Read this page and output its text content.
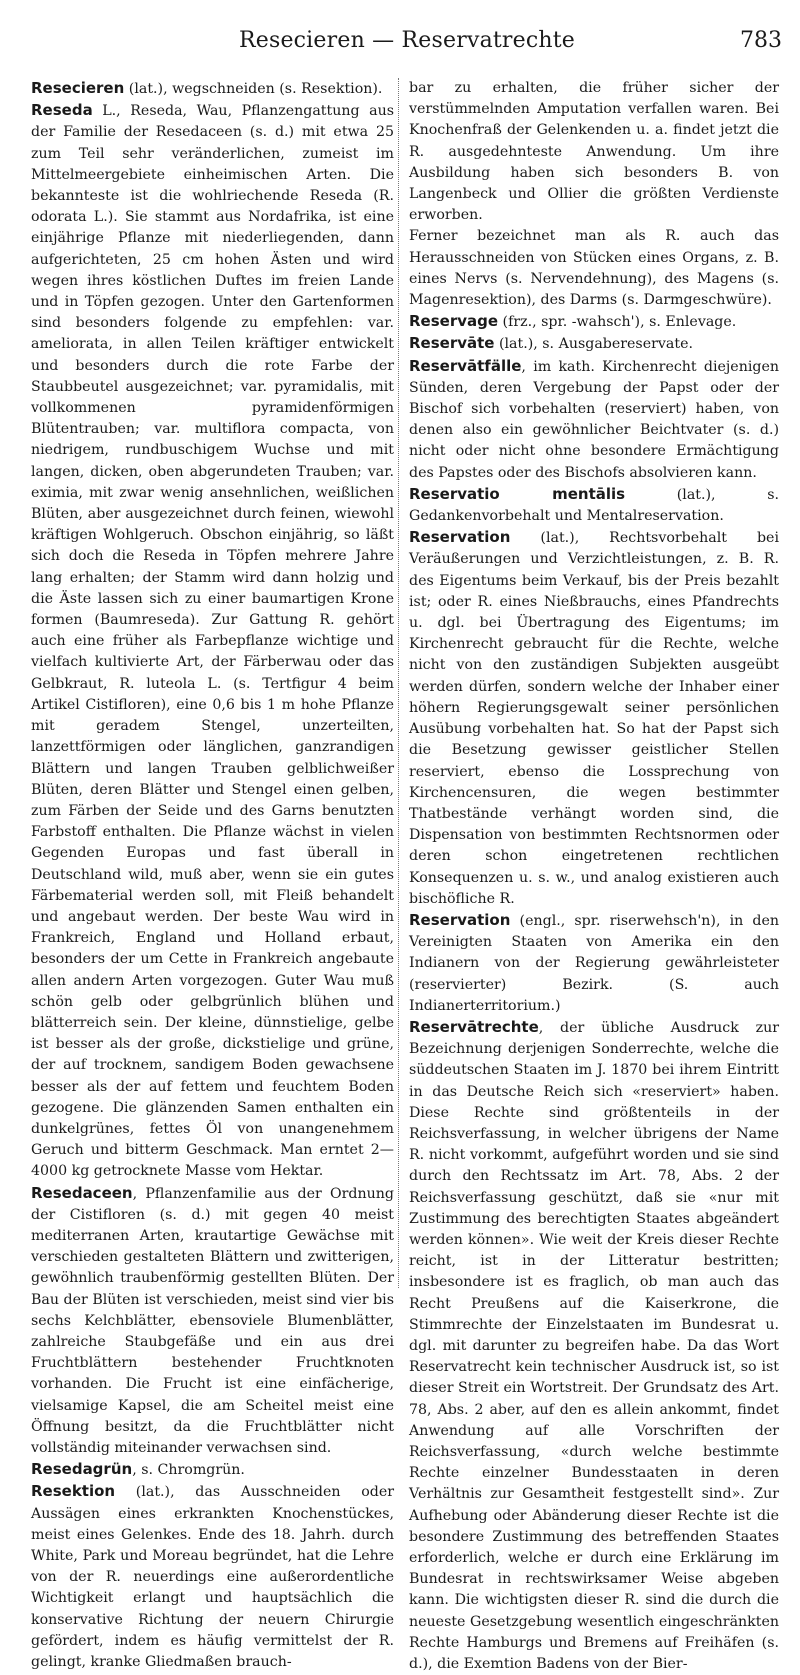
Resecieren — Reservatrechte	783

Resecieren (lat.), wegschneiden (s. Resektion).

Reseda L., Reseda, Wau, Pflanzengattung aus der Familie der Resedaceen (s. d.) mit etwa 25 zum Teil sehr veränderlichen, zumeist im Mittelmeergebiete einheimischen Arten. Die bekannteste ist die wohlriechende Reseda (R. odorata L.). Sie stammt aus Nordafrika, ist eine einjährige Pflanze mit niederliegenden, dann aufgerichteten, 25 cm hohen Ästen und wird wegen ihres köstlichen Duftes im freien Lande und in Töpfen gezogen. Unter den Gartenformen sind besonders folgende zu empfehlen: var. ameliorata, in allen Teilen kräftiger entwickelt und besonders durch die rote Farbe der Staubbeutel ausgezeichnet; var. pyramidalis, mit vollkommenen pyramidenförmigen Blütentrauben; var. multiflora compacta, von niedrigem, rundbuschigem Wuchse und mit langen, dicken, oben abgerundeten Trauben; var. eximia, mit zwar wenig ansehnlichen, weißlichen Blüten, aber ausgezeichnet durch feinen, wiewohl kräftigen Wohlgeruch. Obschon einjährig, so läßt sich doch die Reseda in Töpfen mehrere Jahre lang erhalten; der Stamm wird dann holzig und die Äste lassen sich zu einer baumartigen Krone formen (Baumreseda). Zur Gattung R. gehört auch eine früher als Farbepflanze wichtige und vielfach kultivierte Art, der Färberwau oder das Gelbkraut, R. luteola L. (s. Tertfigur 4 beim Artikel Cistifloren), eine 0,6 bis 1 m hohe Pflanze mit geradem Stengel, unzerteilten, lanzettförmigen oder länglichen, ganzrandigen Blättern und langen Trauben gelblichweißer Blüten, deren Blätter und Stengel einen gelben, zum Färben der Seide und des Garns benutzten Farbstoff enthalten. Die Pflanze wächst in vielen Gegenden Europas und fast überall in Deutschland wild, muß aber, wenn sie ein gutes Färbematerial werden soll, mit Fleiß behandelt und angebaut werden. Der beste Wau wird in Frankreich, England und Holland erbaut, besonders der um Cette in Frankreich angebaute allen andern Arten vorgezogen. Guter Wau muß schön gelb oder gelbgrünlich blühen und blätterreich sein. Der kleine, dünnstielige, gelbe ist besser als der große, dickstielige und grüne, der auf trocknem, sandigem Boden gewachsene besser als der auf fettem und feuchtem Boden gezogene. Die glänzenden Samen enthalten ein dunkelgrünes, fettes Öl von unangenehmem Geruch und bitterm Geschmack. Man erntet 2—4000 kg getrocknete Masse vom Hektar.

Resedaceen, Pflanzenfamilie aus der Ordnung der Cistifloren (s. d.) mit gegen 40 meist mediterranen Arten, krautartige Gewächse mit verschieden gestalteten Blättern und zwitterigen, gewöhnlich traubenförmig gestellten Blüten. Der Bau der Blüten ist verschieden, meist sind vier bis sechs Kelchblätter, ebensoviele Blumenblätter, zahlreiche Staubgefäße und ein aus drei Fruchtblättern bestehender Fruchtknoten vorhanden. Die Frucht ist eine einfächerige, vielsamige Kapsel, die am Scheitel meist eine Öffnung besitzt, da die Fruchtblätter nicht vollständig miteinander verwachsen sind.

Resedagrün, s. Chromgrün.

Resektion (lat.), das Ausschneiden oder Aussägen eines erkrankten Knochenstückes, meist eines Gelenkes. Ende des 18. Jahrh. durch White, Park und Moreau begründet, hat die Lehre von der R. neuerdings eine außerordentliche Wichtigkeit erlangt und hauptsächlich die konservative Richtung der neuern Chirurgie gefördert, indem es häufig vermittelst der R. gelingt, kranke Gliedmaßen brauch-

bar zu erhalten, die früher sicher der verstümmelnden Amputation verfallen waren. Bei Knochenfraß der Gelenkenden u. a. findet jetzt die R. ausgedehnteste Anwendung. Um ihre Ausbildung haben sich besonders B. von Langenbeck und Ollier die größten Verdienste erworben.

Ferner bezeichnet man als R. auch das Herausschneiden von Stücken eines Organs, z. B. eines Nervs (s. Nervendehnung), des Magens (s. Magenresektion), des Darms (s. Darmgeschwüre).

Reservage (frz., spr. -wahsch'), s. Enlevage.

Reservāte (lat.), s. Ausgabereservate.

Reservātfälle, im kath. Kirchenrecht diejenigen Sünden, deren Vergebung der Papst oder der Bischof sich vorbehalten (reserviert) haben, von denen also ein gewöhnlicher Beichtvater (s. d.) nicht oder nicht ohne besondere Ermächtigung des Papstes oder des Bischofs absolvieren kann.

Reservatio mentālis (lat.), s. Gedankenvorbehalt und Mentalreservation.

Reservation (lat.), Rechtsvorbehalt bei Veräußerungen und Verzichtleistungen, z. B. R. des Eigentums beim Verkauf, bis der Preis bezahlt ist; oder R. eines Nießbrauchs, eines Pfandrechts u. dgl. bei Übertragung des Eigentums; im Kirchenrecht gebraucht für die Rechte, welche nicht von den zuständigen Subjekten ausgeübt werden dürfen, sondern welche der Inhaber einer höhern Regierungsgewalt seiner persönlichen Ausübung vorbehalten hat. So hat der Papst sich die Besetzung gewisser geistlicher Stellen reserviert, ebenso die Lossprechung von Kirchencensuren, die wegen bestimmter Thatbestände verhängt worden sind, die Dispensation von bestimmten Rechtsnormen oder deren schon eingetretenen rechtlichen Konsequenzen u. s. w., und analog existieren auch bischöfliche R.

Reservation (engl., spr. riserwehsch'n), in den Vereinigten Staaten von Amerika ein den Indianern von der Regierung gewährleisteter (reservierter) Bezirk. (S. auch Indianerterritorium.)

Reservātrechte, der übliche Ausdruck zur Bezeichnung derjenigen Sonderrechte, welche die süddeutschen Staaten im J. 1870 bei ihrem Eintritt in das Deutsche Reich sich «reserviert» haben. Diese Rechte sind größtenteils in der Reichsverfassung, in welcher übrigens der Name R. nicht vorkommt, aufgeführt worden und sie sind durch den Rechtssatz im Art. 78, Abs. 2 der Reichsverfassung geschützt, daß sie «nur mit Zustimmung des berechtigten Staates abgeändert werden können». Wie weit der Kreis dieser Rechte reicht, ist in der Litteratur bestritten; insbesondere ist es fraglich, ob man auch das Recht Preußens auf die Kaiserkrone, die Stimmrechte der Einzelstaaten im Bundesrat u. dgl. mit darunter zu begreifen habe. Da das Wort Reservatrecht kein technischer Ausdruck ist, so ist dieser Streit ein Wortstreit. Der Grundsatz des Art. 78, Abs. 2 aber, auf den es allein ankommt, findet Anwendung auf alle Vorschriften der Reichsverfassung, «durch welche bestimmte Rechte einzelner Bundesstaaten in deren Verhältnis zur Gesamtheit festgestellt sind». Zur Aufhebung oder Abänderung dieser Rechte ist die besondere Zustimmung des betreffenden Staates erforderlich, welche er durch eine Erklärung im Bundesrat in rechtswirksamer Weise abgeben kann. Die wichtigsten dieser R. sind die durch die neueste Gesetzgebung wesentlich eingeschränkten Rechte Hamburgs und Bremens auf Freihäfen (s. d.), die Exemtion Badens von der Bier-
